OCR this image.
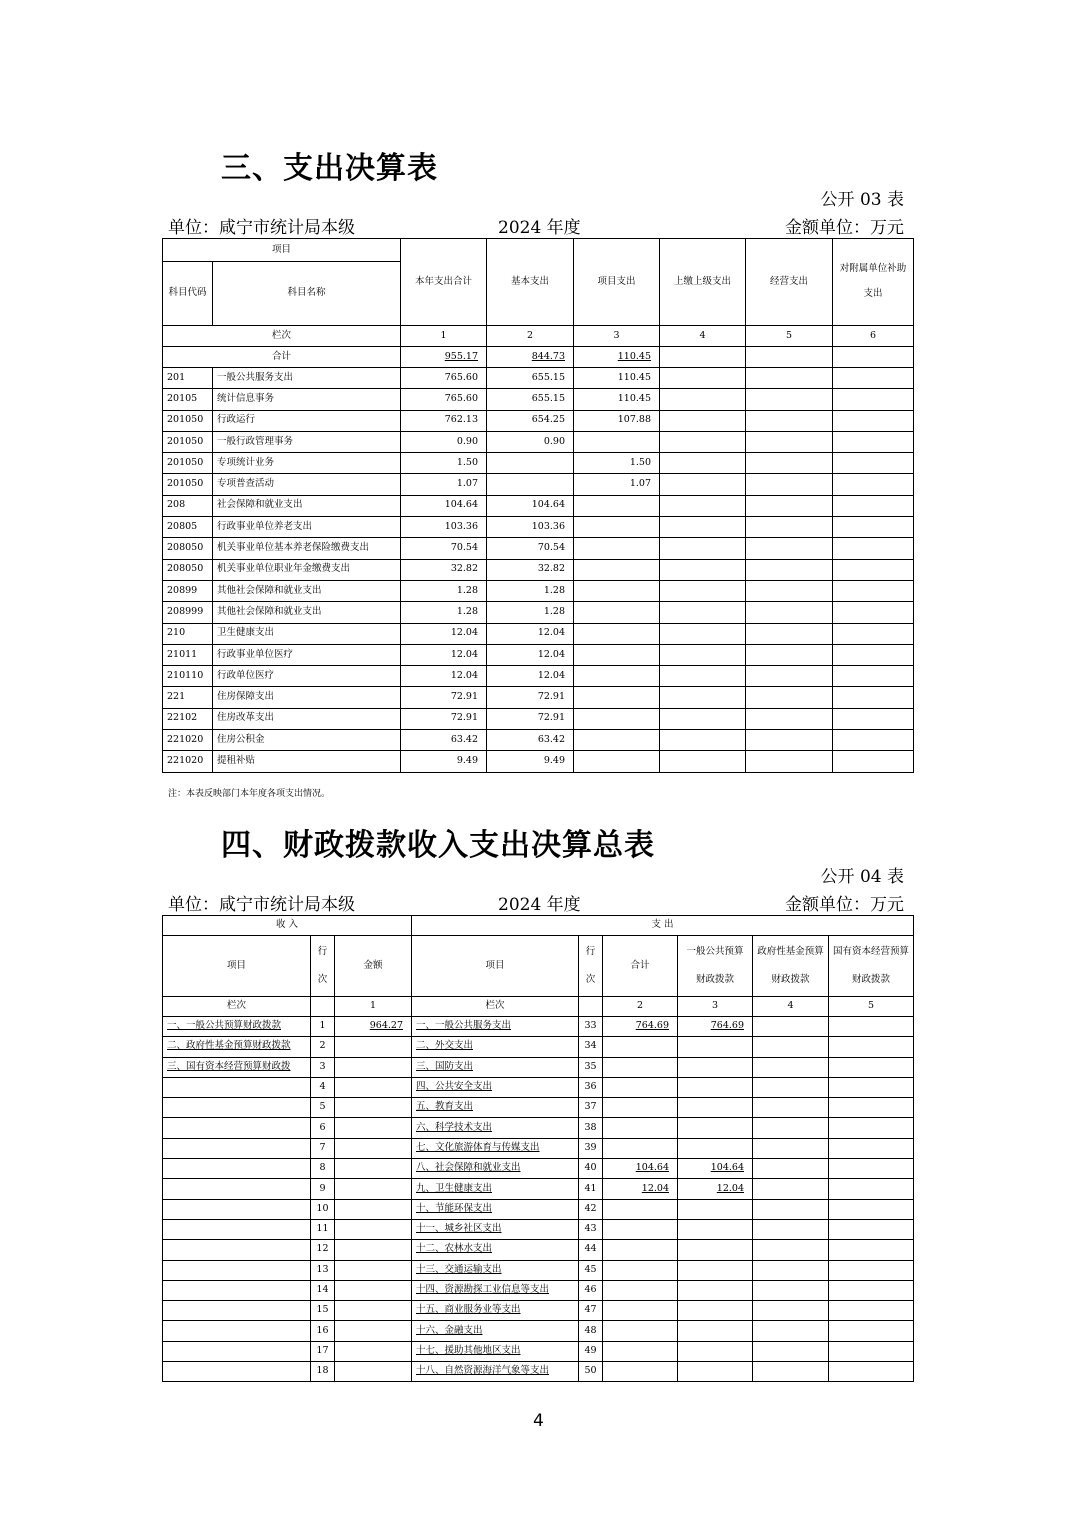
三、支出决算表
公开 03 表
单位：咸宁市统计局本级	2024 年度	金额单位：万元
项目		本年支出合计	基本支出	项目支出	上缴上级支出	经营支出	对附属单位补助支出
科目代码	科目名称						
栏次		1	2	3	4	5	6
合计		955.17	844.73	110.45			
201	一般公共服务支出	765.60	655.15	110.45			
20105	统计信息事务	765.60	655.15	110.45			
201050	行政运行	762.13	654.25	107.88			
201050	一般行政管理事务	0.90	0.90				
201050	专项统计业务	1.50		1.50			
201050	专项普查活动	1.07		1.07			
208	社会保障和就业支出	104.64	104.64				
20805	行政事业单位养老支出	103.36	103.36				
208050	机关事业单位基本养老保险缴费支出	70.54	70.54				
208050	机关事业单位职业年金缴费支出	32.82	32.82				
20899	其他社会保障和就业支出	1.28	1.28				
208999	其他社会保障和就业支出	1.28	1.28				
210	卫生健康支出	12.04	12.04				
21011	行政事业单位医疗	12.04	12.04				
210110	行政单位医疗	12.04	12.04				
221	住房保障支出	72.91	72.91				
22102	住房改革支出	72.91	72.91				
221020	住房公积金	63.42	63.42				
221020	提租补贴	9.49	9.49				
注：本表反映部门本年度各项支出情况。
四、财政拨款收入支出决算总表
公开 04 表
单位：咸宁市统计局本级	2024 年度	金额单位：万元
收 入			支 出					
项目	行次	金额	项目	行次	合计	一般公共预算财政拨款	政府性基金预算财政拨款	国有资本经营预算财政拨款
栏次		1	栏次		2	3	4	5
一、一般公共预算财政拨款	1	964.27	一、一般公共服务支出	33	764.69	764.69		
二、政府性基金预算财政拨款	2		二、外交支出	34				
三、国有资本经营预算财政拨	3		三、国防支出	35				
	4		四、公共安全支出	36				
	5		五、教育支出	37				
	6		六、科学技术支出	38				
	7		七、文化旅游体育与传媒支出	39				
	8		八、社会保障和就业支出	40	104.64	104.64		
	9		九、卫生健康支出	41	12.04	12.04		
	10		十、节能环保支出	42				
	11		十一、城乡社区支出	43				
	12		十二、农林水支出	44				
	13		十三、交通运输支出	45				
	14		十四、资源勘探工业信息等支出	46				
	15		十五、商业服务业等支出	47				
	16		十六、金融支出	48				
	17		十七、援助其他地区支出	49				
	18		十八、自然资源海洋气象等支出	50				
4
